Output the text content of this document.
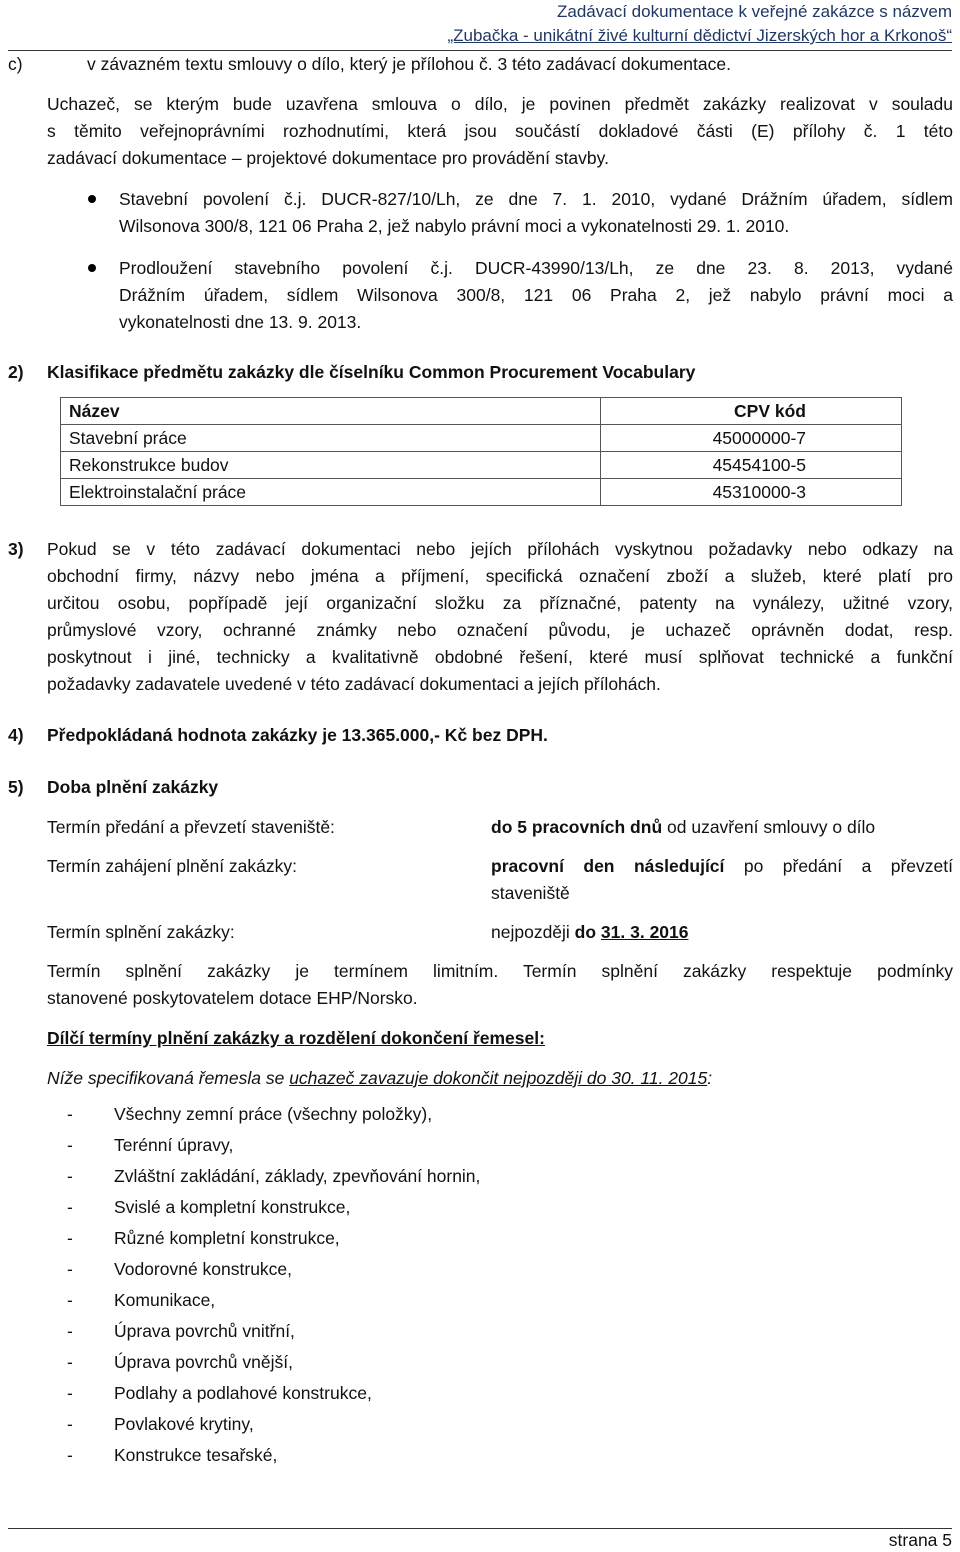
Zadávací dokumentace k veřejné zakázce s názvem
„Zubačka - unikátní živé kulturní dědictví Jizerských hor a Krkonoš“
c)	v závazném textu smlouvy o dílo, který je přílohou č. 3 této zadávací dokumentace.
Uchazeč, se kterým bude uzavřena smlouva o dílo, je povinen předmět zakázky realizovat v souladu
s těmito veřejnoprávními rozhodnutími, která jsou součástí dokladové části (E) přílohy č. 1 této
zadávací dokumentace – projektové dokumentace pro provádění stavby.
Stavební povolení č.j. DUCR-827/10/Lh, ze dne 7. 1. 2010, vydané Drážním úřadem, sídlem
Wilsonova 300/8, 121 06 Praha 2, jež nabylo právní moci a vykonatelnosti 29. 1. 2010.
Prodloužení stavebního povolení č.j. DUCR-43990/13/Lh, ze dne 23. 8. 2013, vydané
Drážním úřadem, sídlem Wilsonova 300/8, 121 06 Praha 2, jež nabylo právní moci a
vykonatelnosti dne 13. 9. 2013.
2) Klasifikace předmětu zakázky dle číselníku Common Procurement Vocabulary
Název	CPV kód
Stavební práce	45000000-7
Rekonstrukce budov	45454100-5
Elektroinstalační práce	45310000-3
3) Pokud se v této zadávací dokumentaci nebo jejích přílohách vyskytnou požadavky nebo odkazy na
obchodní firmy, názvy nebo jména a příjmení, specifická označení zboží a služeb, které platí pro
určitou osobu, popřípadě její organizační složku za příznačné, patenty na vynálezy, užitné vzory,
průmyslové vzory, ochranné známky nebo označení původu, je uchazeč oprávněn dodat, resp.
poskytnout i jiné, technicky a kvalitativně obdobné řešení, které musí splňovat technické a funkční
požadavky zadavatele uvedené v této zadávací dokumentaci a jejích přílohách.
4) Předpokládaná hodnota zakázky je 13.365.000,- Kč bez DPH.
5) Doba plnění zakázky
Termín předání a převzetí staveniště:	do 5 pracovních dnů od uzavření smlouvy o dílo
Termín zahájení plnění zakázky:	pracovní den následující po předání a převzetí
staveniště
Termín splnění zakázky:	nejpozději do 31. 3. 2016
Termín splnění zakázky je termínem limitním. Termín splnění zakázky respektuje podmínky
stanovené poskytovatelem dotace EHP/Norsko.
Dílčí termíny plnění zakázky a rozdělení dokončení řemesel:
Níže specifikovaná řemesla se uchazeč zavazuje dokončit nejpozději do 30. 11. 2015:
- Všechny zemní práce (všechny položky),
- Terénní úpravy,
- Zvláštní zakládání, základy, zpevňování hornin,
- Svislé a kompletní konstrukce,
- Různé kompletní konstrukce,
- Vodorovné konstrukce,
- Komunikace,
- Úprava povrchů vnitřní,
- Úprava povrchů vnější,
- Podlahy a podlahové konstrukce,
- Povlakové krytiny,
- Konstrukce tesařské,
strana 5
